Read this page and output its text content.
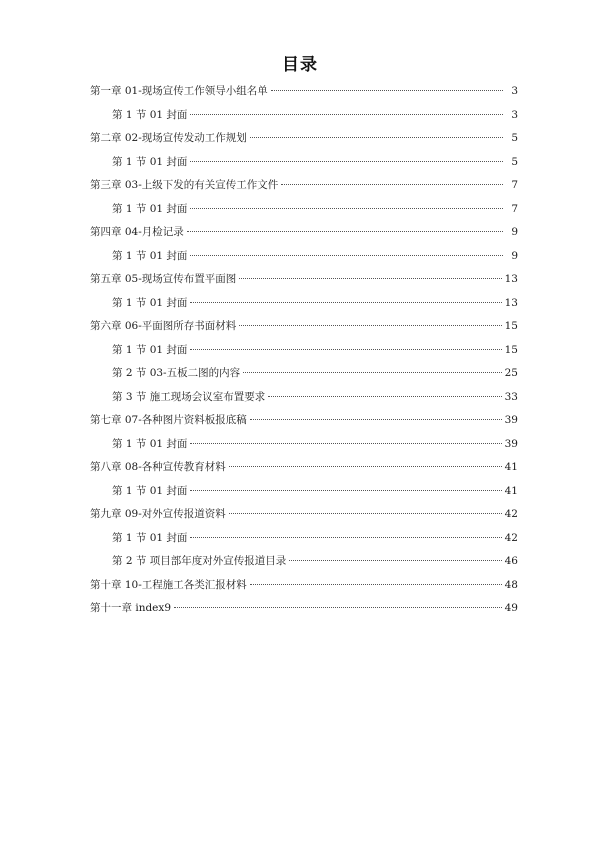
目录
第一章 01-现场宣传工作领导小组名单	3
第 1 节 01 封面	3
第二章 02-现场宣传发动工作规划	5
第 1 节 01 封面	5
第三章 03-上级下发的有关宣传工作文件	7
第 1 节 01 封面	7
第四章 04-月检记录	9
第 1 节 01 封面	9
第五章 05-现场宣传布置平面图	13
第 1 节 01 封面	13
第六章 06-平面图所存书面材料	15
第 1 节 01 封面	15
第 2 节 03-五板二图的内容	25
第 3 节 施工现场会议室布置要求	33
第七章 07-各种图片资料板报底稿	39
第 1 节 01 封面	39
第八章 08-各种宣传教育材料	41
第 1 节 01 封面	41
第九章 09-对外宣传报道资料	42
第 1 节 01 封面	42
第 2 节 项目部年度对外宣传报道目录	46
第十章 10-工程施工各类汇报材料	48
第十一章 index9	49
